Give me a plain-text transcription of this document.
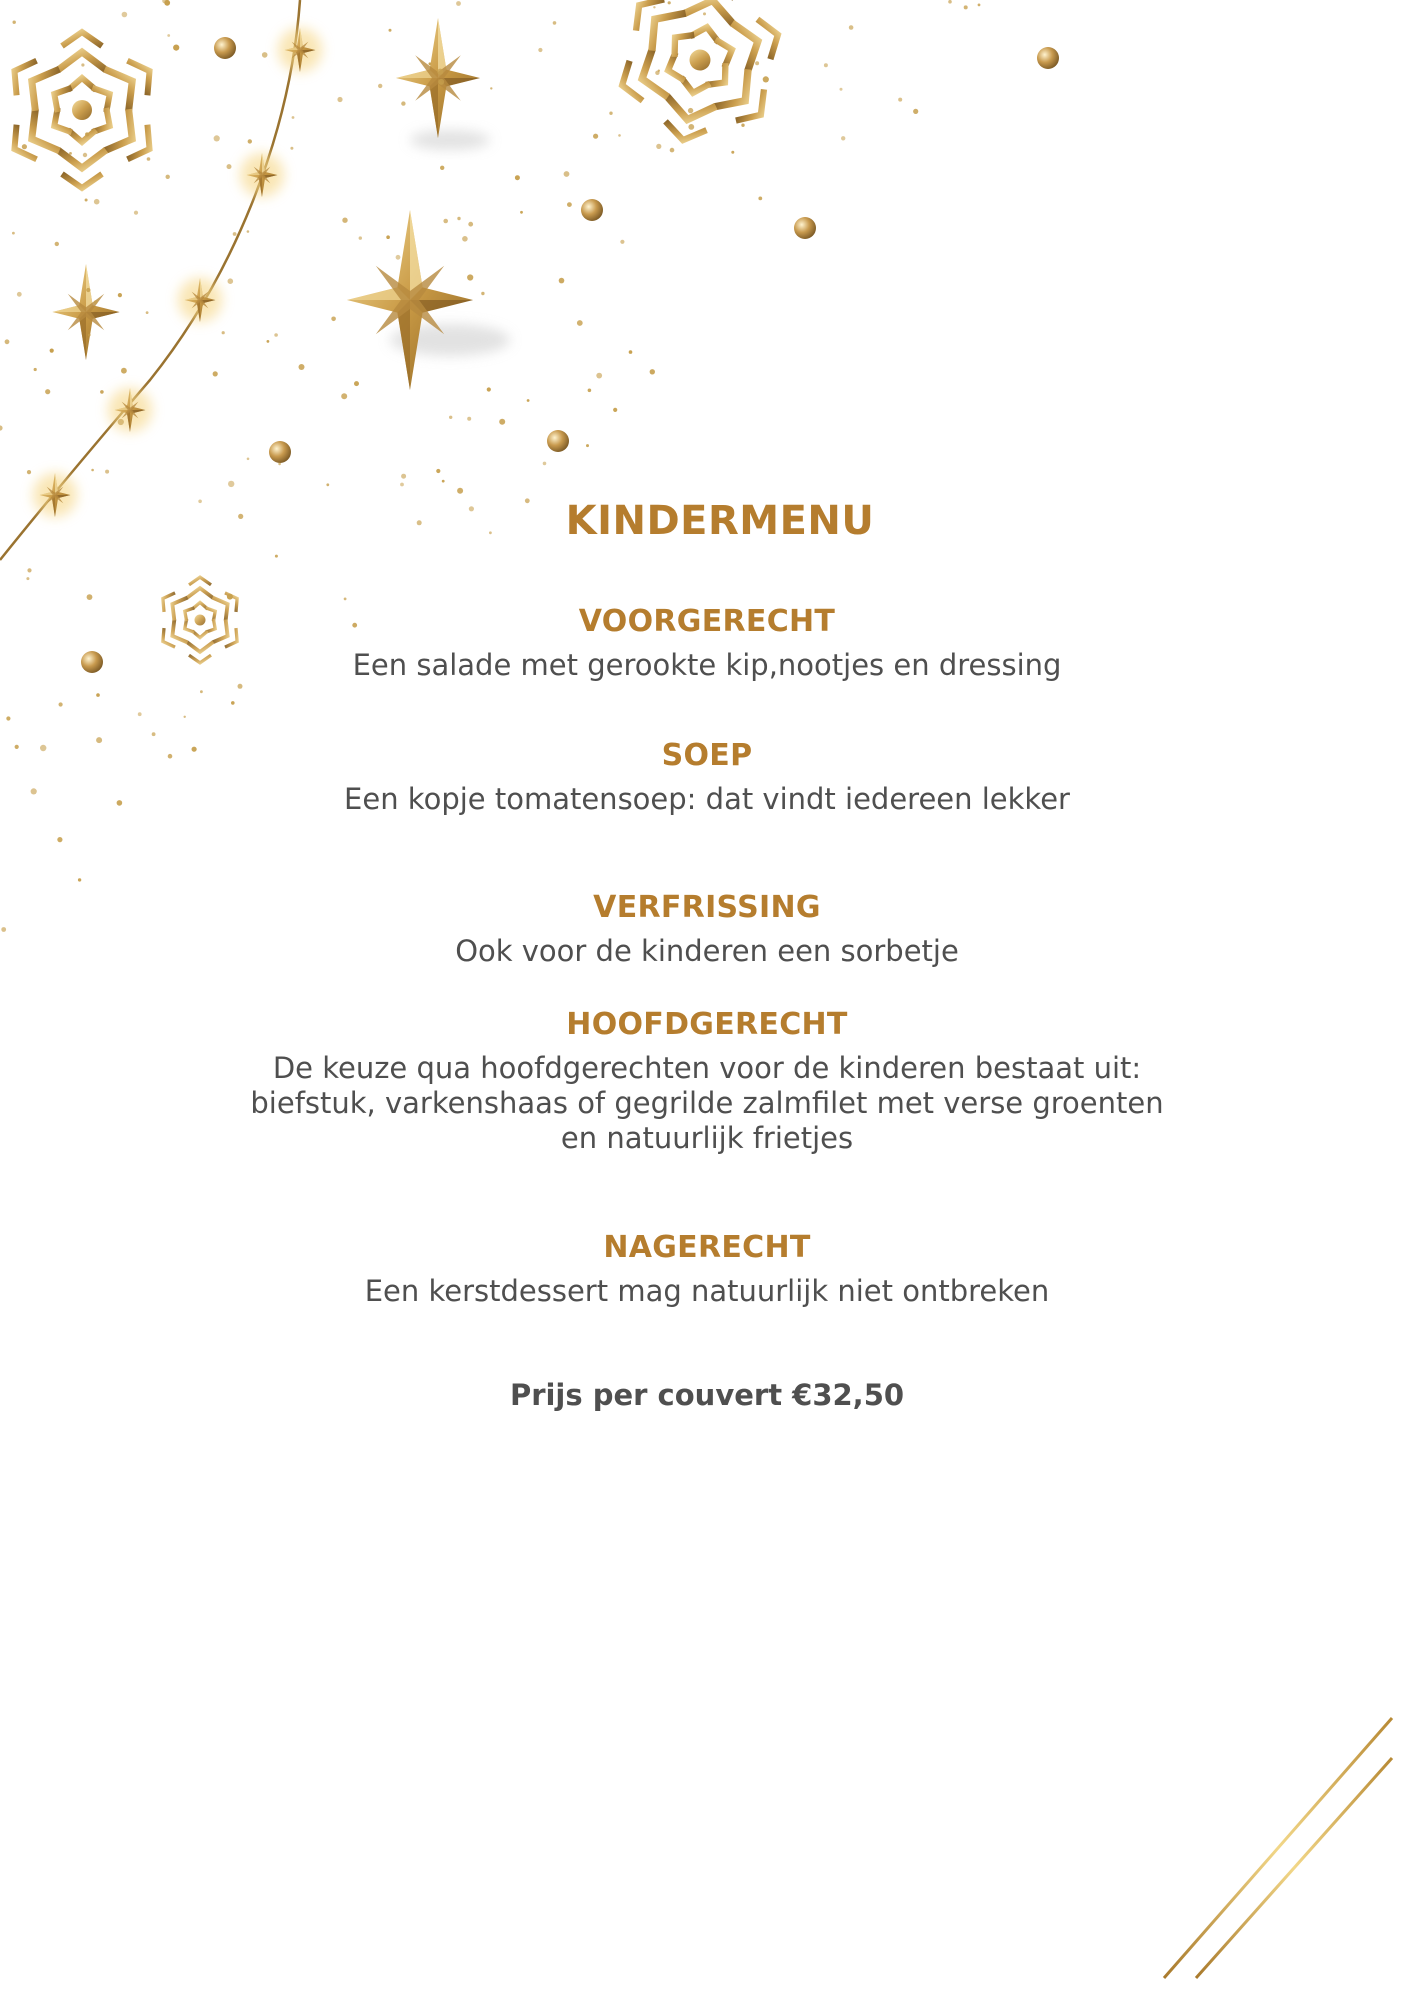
KINDERMENU
VOORGERECHT
Een salade met gerookte kip,nootjes en dressing
SOEP
Een kopje tomatensoep: dat vindt iedereen lekker
VERFRISSING
Ook voor de kinderen een sorbetje
HOOFDGERECHT
De keuze qua hoofdgerechten voor de kinderen bestaat uit:
biefstuk, varkenshaas of gegrilde zalmfilet met verse groenten
en natuurlijk frietjes
NAGERECHT
Een kerstdessert mag natuurlijk niet ontbreken
Prijs per couvert €32,50
